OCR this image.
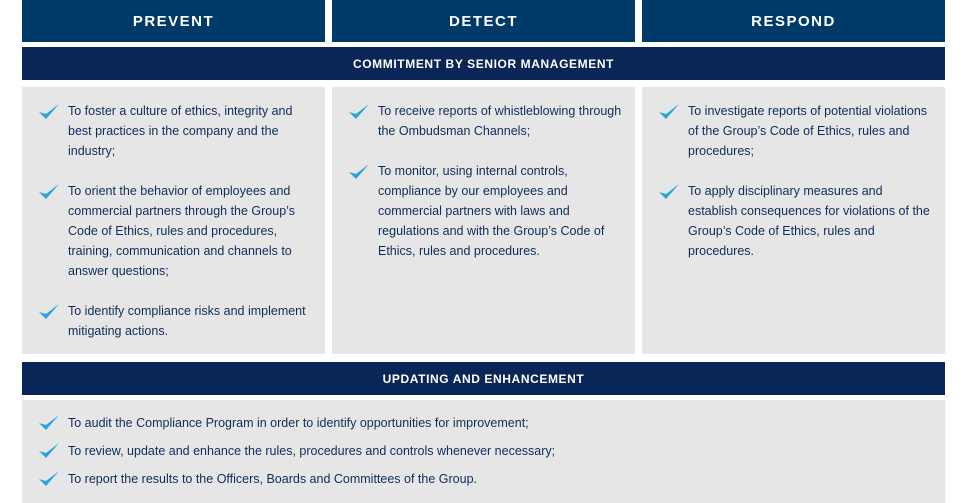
PREVENT	DETECT	RESPOND
COMMITMENT BY SENIOR MANAGEMENT
To foster a culture of ethics, integrity and best practices in the company and the industry;
To orient the behavior of employees and commercial partners through the Group’s Code of Ethics, rules and procedures, training, communication and channels to answer questions;
To identify compliance risks and implement mitigating actions.
To receive reports of whistleblowing through the Ombudsman Channels;
To monitor, using internal controls, compliance by our employees and commercial partners with laws and regulations and with the Group’s Code of Ethics, rules and procedures.
To investigate reports of potential violations of the Group’s Code of Ethics, rules and procedures;
To apply disciplinary measures and establish consequences for violations of the Group’s Code of Ethics, rules and procedures.
UPDATING AND ENHANCEMENT
To audit the Compliance Program in order to identify opportunities for improvement;
To review, update and enhance the rules, procedures and controls whenever necessary;
To report the results to the Officers, Boards and Committees of the Group.
